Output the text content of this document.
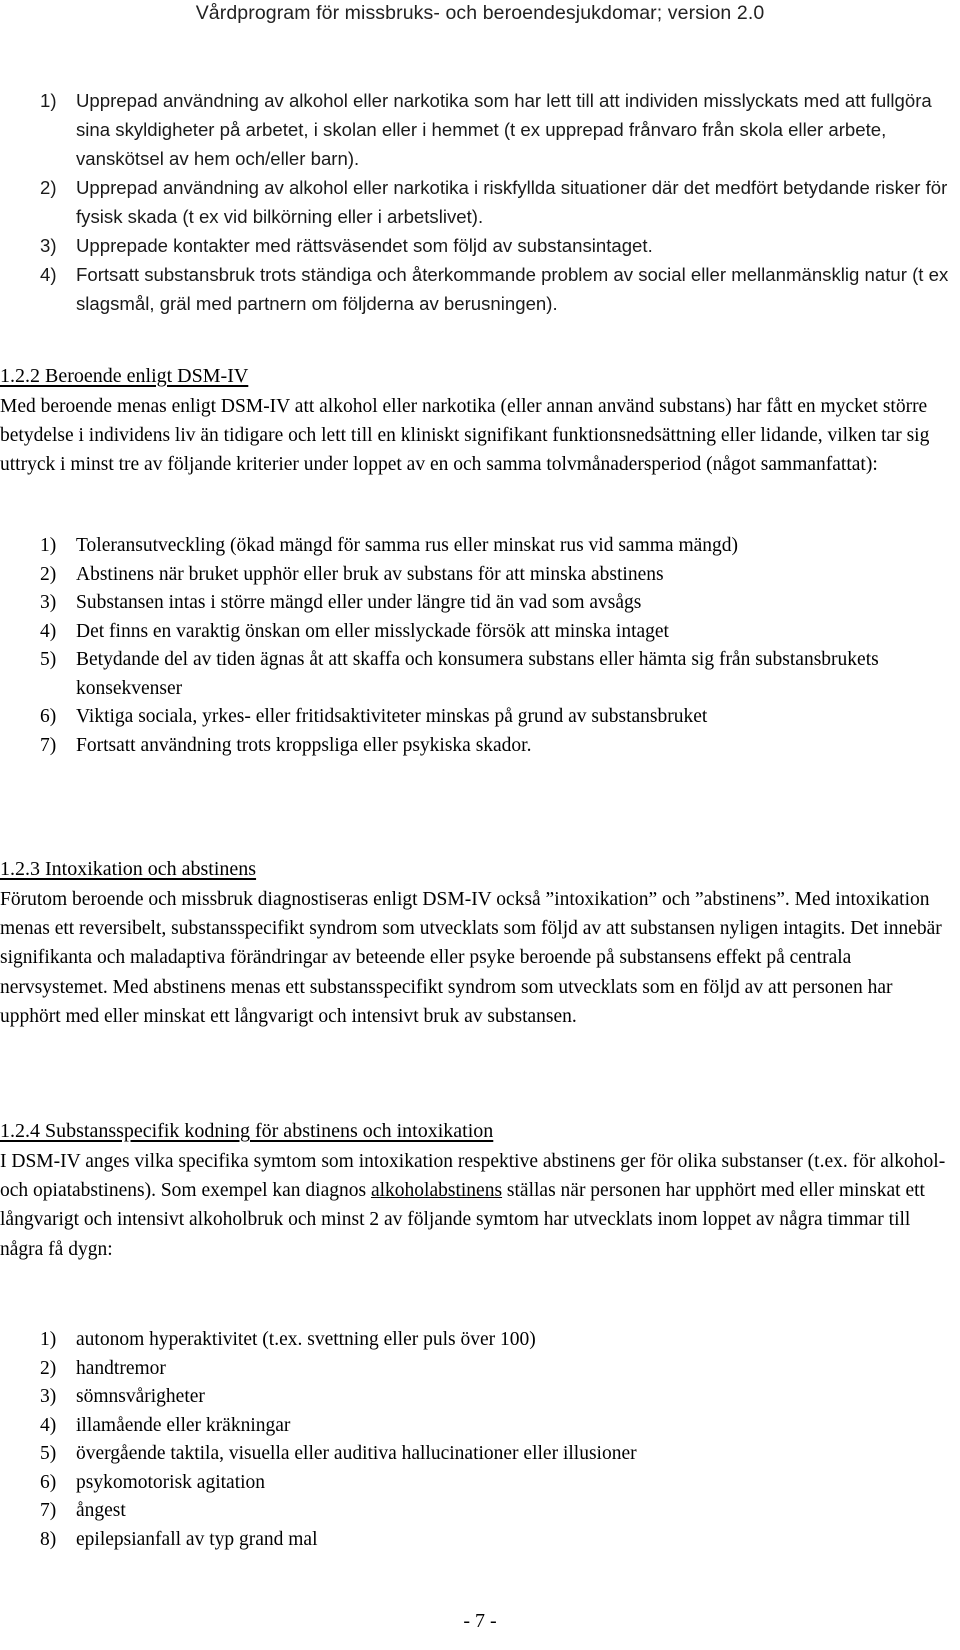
Vårdprogram för missbruks- och beroendesjukdomar; version 2.0
1) Upprepad användning av alkohol eller narkotika som har lett till att individen misslyckats med att fullgöra sina skyldigheter på arbetet, i skolan eller i hemmet (t ex upprepad frånvaro från skola eller arbete, vanskötsel av hem och/eller barn).
2) Upprepad användning av alkohol eller narkotika i riskfyllda situationer där det medfört betydande risker för fysisk skada (t ex vid bilkörning eller i arbetslivet).
3) Upprepade kontakter med rättsväsendet som följd av substansintaget.
4) Fortsatt substansbruk trots ständiga och återkommande problem av social eller mellanmänsklig natur (t ex slagsmål, gräl med partnern om följderna av berusningen).
1.2.2 Beroende enligt DSM-IV

Med beroende menas enligt DSM-IV att alkohol eller narkotika (eller annan använd substans) har fått en mycket större betydelse i individens liv än tidigare och lett till en kliniskt signifikant funktionsnedsättning eller lidande, vilken tar sig uttryck i minst tre av följande kriterier under loppet av en och samma tolvmånadersperiod (något sammanfattat):

1) Toleransutveckling (ökad mängd för samma rus eller minskat rus vid samma mängd)
2) Abstinens när bruket upphör eller bruk av substans för att minska abstinens
3) Substansen intas i större mängd eller under längre tid än vad som avsågs
4) Det finns en varaktig önskan om eller misslyckade försök att minska intaget
5) Betydande del av tiden ägnas åt att skaffa och konsumera substans eller hämta sig från substansbrukets konsekvenser
6) Viktiga sociala, yrkes- eller fritidsaktiviteter minskas på grund av substansbruket
7) Fortsatt användning trots kroppsliga eller psykiska skador.
1.2.3 Intoxikation och abstinens

Förutom beroende och missbruk diagnostiseras enligt DSM-IV också ”intoxikation” och ”abstinens”. Med intoxikation menas ett reversibelt, substansspecifikt syndrom som utvecklats som följd av att substansen nyligen intagits. Det innebär signifikanta och maladaptiva förändringar av beteende eller psyke beroende på substansens effekt på centrala nervsystemet. Med abstinens menas ett substansspecifikt syndrom som utvecklats som en följd av att personen har upphört med eller minskat ett långvarigt och intensivt bruk av substansen.

1.2.4 Substansspecifik kodning för abstinens och intoxikation

I DSM-IV anges vilka specifika symtom som intoxikation respektive abstinens ger för olika substanser (t.ex. för alkohol- och opiatabstinens). Som exempel kan diagnos alkoholabstinens ställas när personen har upphört med eller minskat ett långvarigt och intensivt alkoholbruk och minst 2 av följande symtom har utvecklats inom loppet av några timmar till några få dygn:

1) autonom hyperaktivitet (t.ex. svettning eller puls över 100)
2) handtremor
3) sömnsvårigheter
4) illamående eller kräkningar
5) övergående taktila, visuella eller auditiva hallucinationer eller illusioner
6) psykomotorisk agitation
7) ångest
8) epilepsianfall av typ grand mal
- 7 -
